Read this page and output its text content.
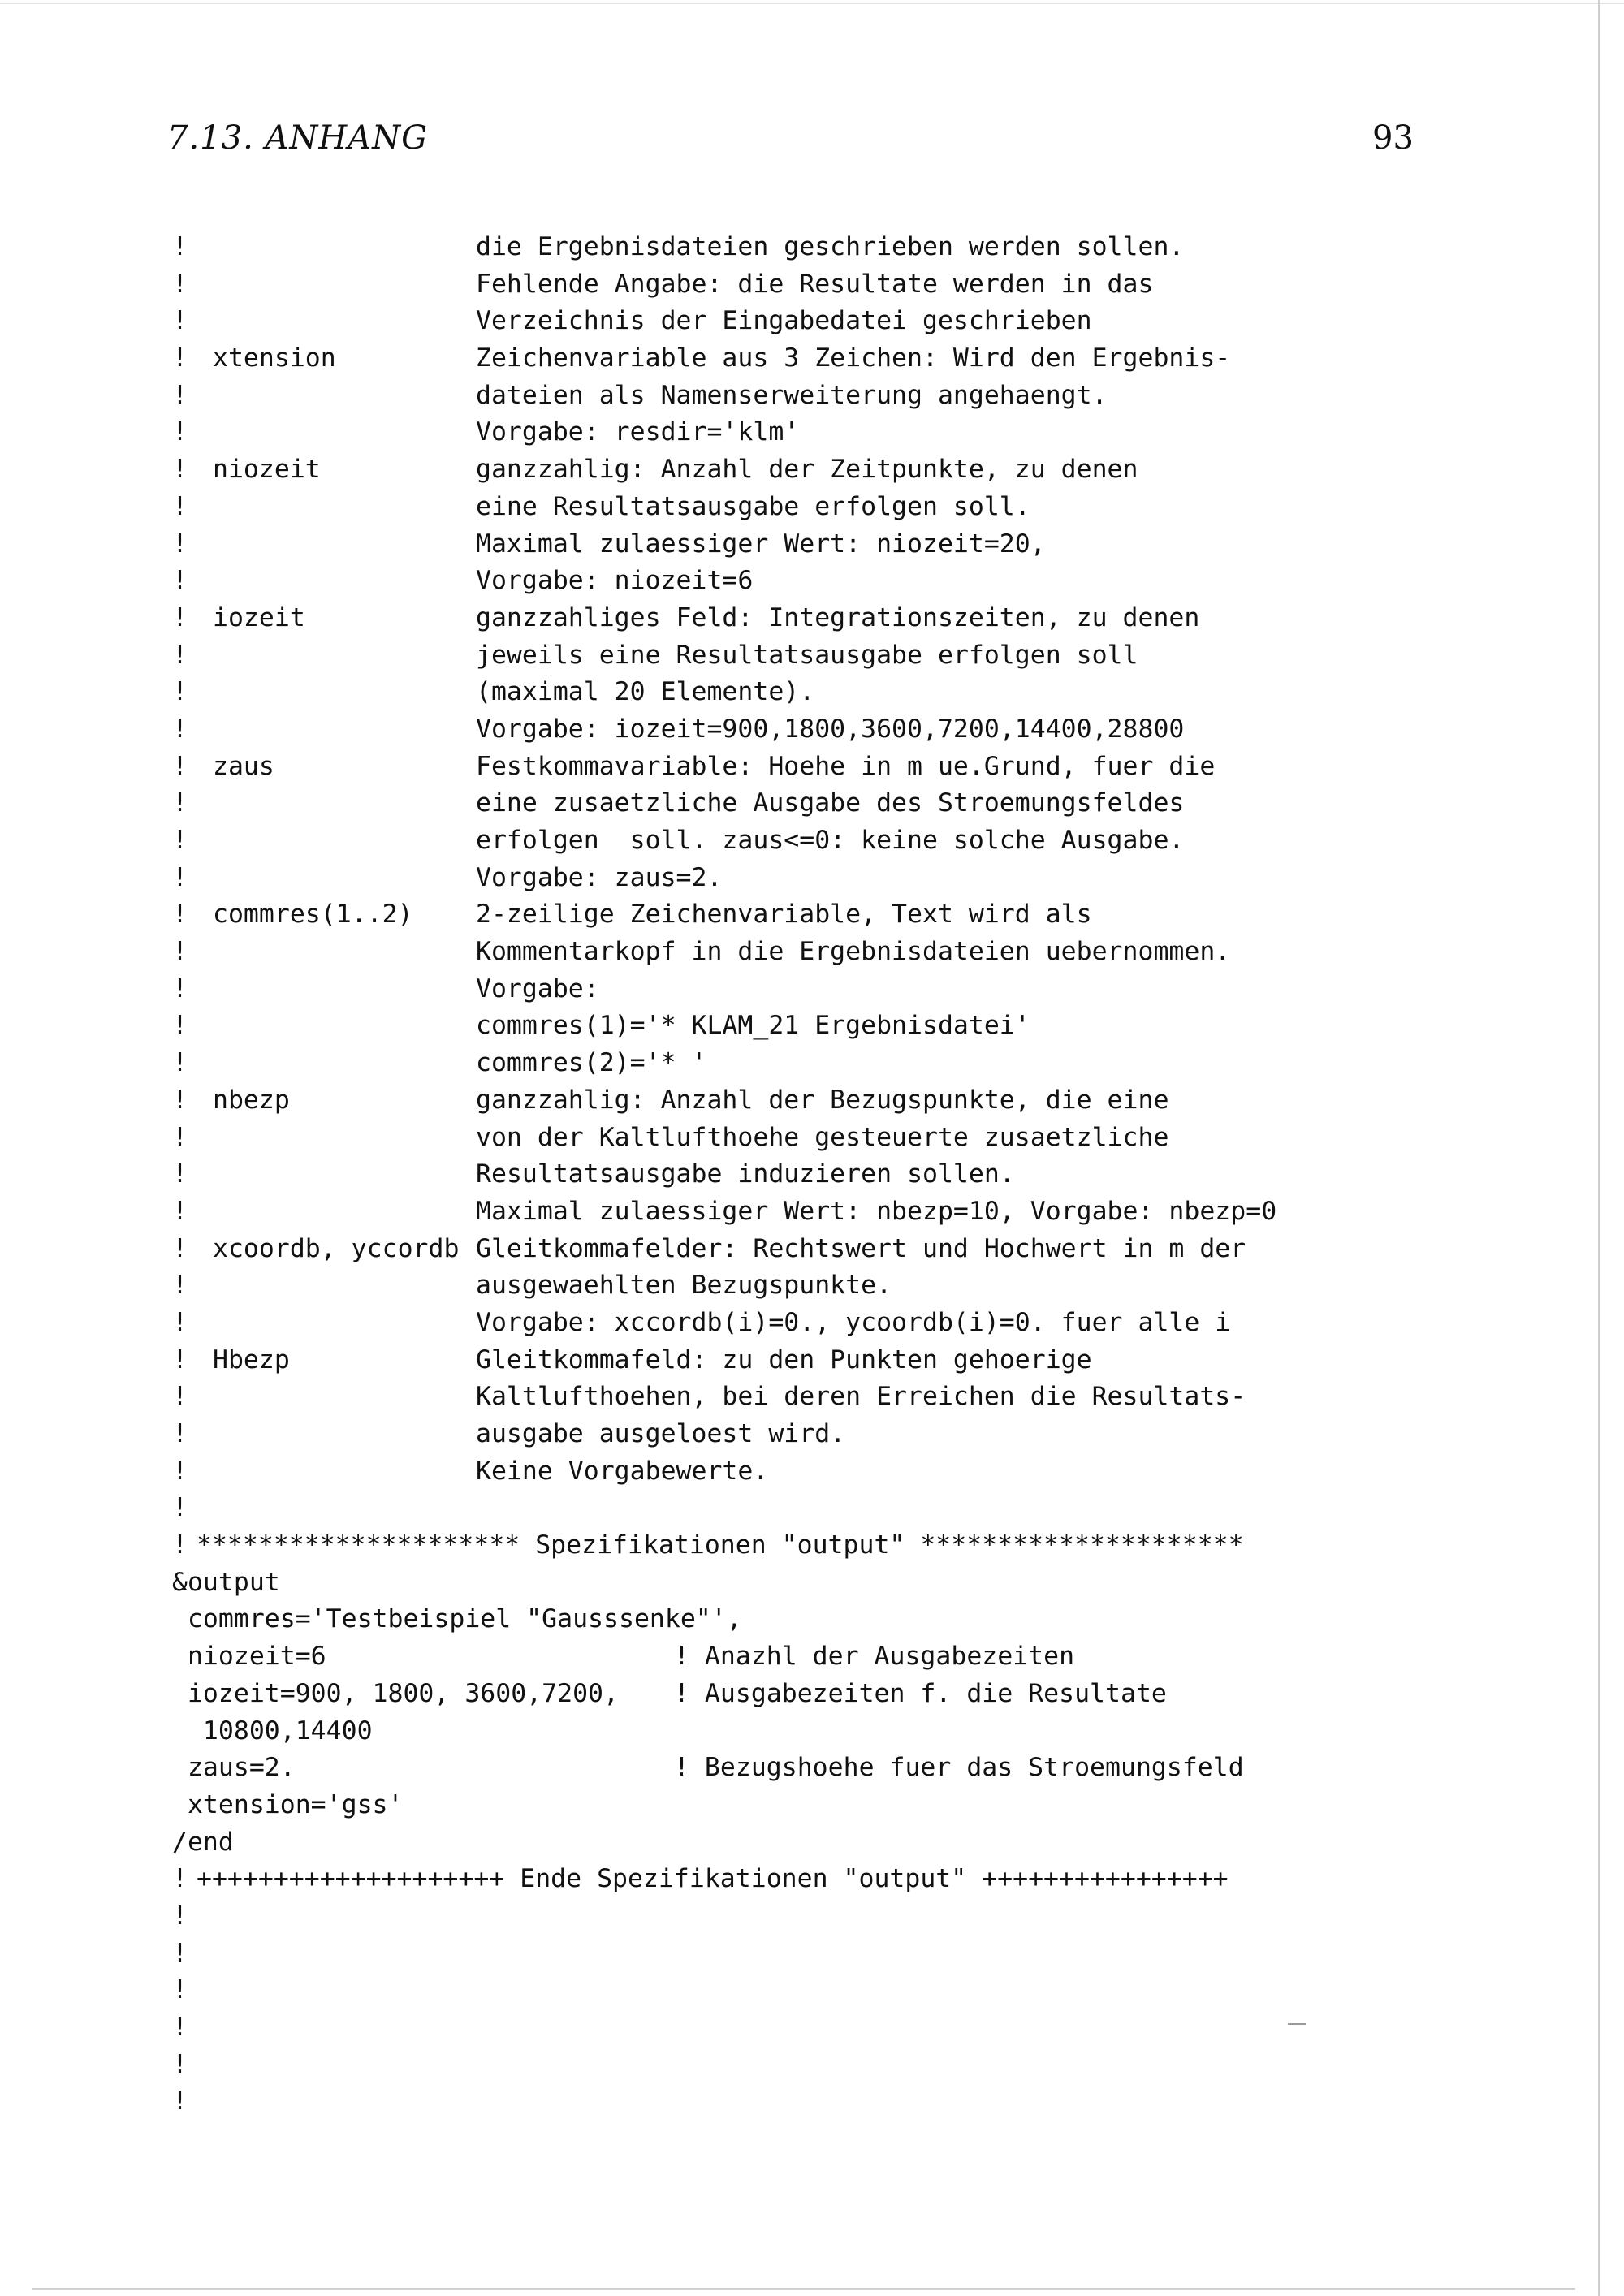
7.13. ANHANG	93
!	die Ergebnisdateien geschrieben werden sollen.
!	Fehlende Angabe: die Resultate werden in das
!	Verzeichnis der Eingabedatei geschrieben
! xtension	Zeichenvariable aus 3 Zeichen: Wird den Ergebnis-
!	dateien als Namenserweiterung angehaengt.
!	Vorgabe: resdir='klm'
! niozeit	ganzzahlig: Anzahl der Zeitpunkte, zu denen
!	eine Resultatsausgabe erfolgen soll.
!	Maximal zulaessiger Wert: niozeit=20,
!	Vorgabe: niozeit=6
! iozeit	ganzzahliges Feld: Integrationszeiten, zu denen
!	jeweils eine Resultatsausgabe erfolgen soll
!	(maximal 20 Elemente).
!	Vorgabe: iozeit=900,1800,3600,7200,14400,28800
! zaus	Festkommavariable: Hoehe in m ue.Grund, fuer die
!	eine zusaetzliche Ausgabe des Stroemungsfeldes
!	erfolgen  soll. zaus<=0: keine solche Ausgabe.
!	Vorgabe: zaus=2.
! commres(1..2) 2-zeilige Zeichenvariable, Text wird als
!	Kommentarkopf in die Ergebnisdateien uebernommen.
!	Vorgabe:
!	commres(1)='* KLAM_21 Ergebnisdatei'
!	commres(2)='* '
! nbezp	ganzzahlig: Anzahl der Bezugspunkte, die eine
!	von der Kaltlufthoehe gesteuerte zusaetzliche
!	Resultatsausgabe induzieren sollen.
!	Maximal zulaessiger Wert: nbezp=10, Vorgabe: nbezp=0
! xcoordb, yccordb Gleitkommafelder: Rechtswert und Hochwert in m der
!	ausgewaehlten Bezugspunkte.
!	Vorgabe: xccordb(i)=0., ycoordb(i)=0. fuer alle i
! Hbezp	Gleitkommafeld: zu den Punkten gehoerige
!	Kaltlufthoehen, bei deren Erreichen die Resultats-
!	ausgabe ausgeloest wird.
!	Keine Vorgabewerte.
!
! ********************* Spezifikationen "output" *********************
&output
commres='Testbeispiel "Gausssenke"',
niozeit=6	! Anazhl der Ausgabezeiten
iozeit=900, 1800, 3600,7200, ! Ausgabezeiten f. die Resultate
10800,14400
zaus=2.	! Bezugshoehe fuer das Stroemungsfeld
xtension='gss'
/end
! ++++++++++++++++++++ Ende Spezifikationen "output" ++++++++++++++++
!
!
!
!
!
!
